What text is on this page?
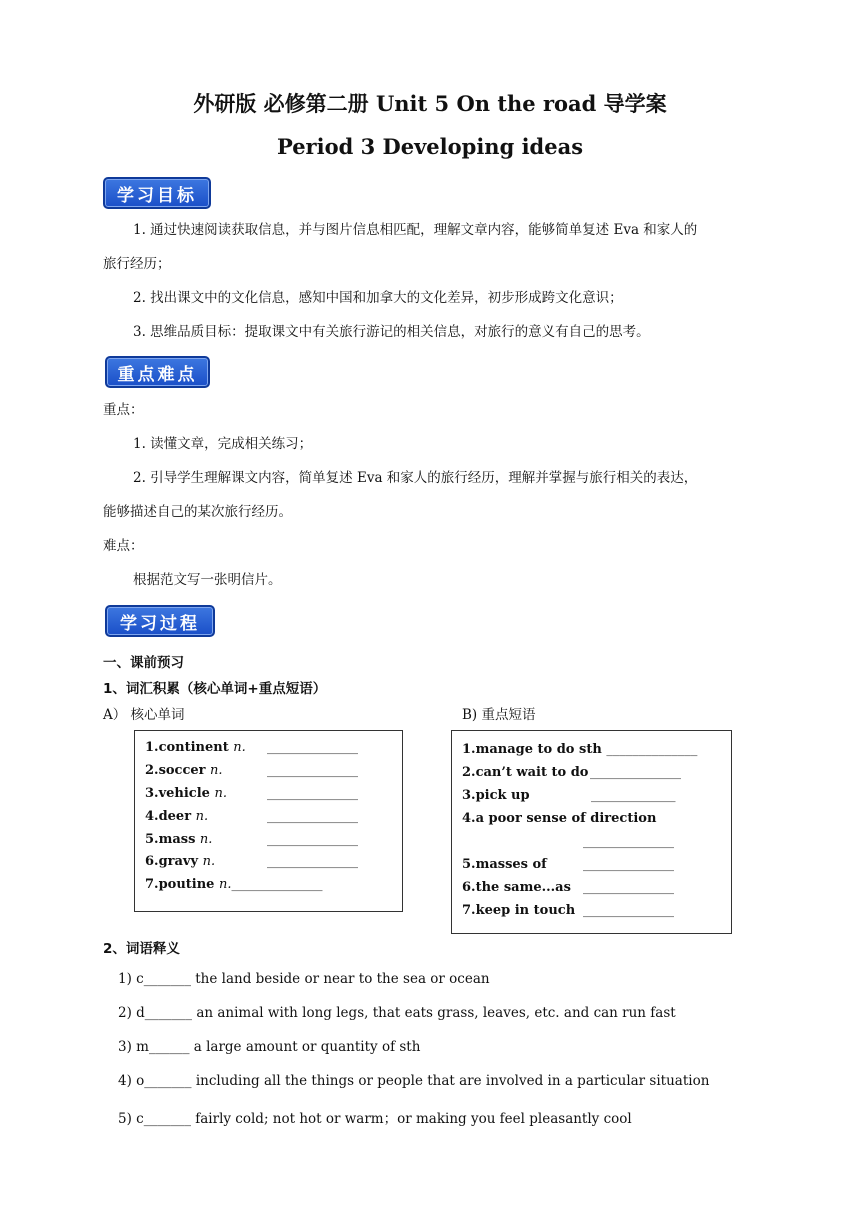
外研版 必修第二册 Unit 5 On the road 导学案
Period 3 Developing ideas
学习目标
1. 通过快速阅读获取信息，并与图片信息相匹配，理解文章内容，能够简单复述 Eva 和家人的
旅行经历；
2. 找出课文中的文化信息，感知中国和加拿大的文化差异，初步形成跨文化意识；
3. 思维品质目标：提取课文中有关旅行游记的相关信息，对旅行的意义有自己的思考。
重点难点
重点：
1. 读懂文章，完成相关练习；
2. 引导学生理解课文内容，简单复述 Eva 和家人的旅行经历，理解并掌握与旅行相关的表达，
能够描述自己的某次旅行经历。
难点：
根据范文写一张明信片。
学习过程
一、课前预习
1、词汇积累（核心单词+重点短语）
A） 核心单词	B) 重点短语
1.continent n. ______________
2.soccer n.	______________
3.vehicle n.	______________
4.deer n.	______________
5.mass n.	______________
6.gravy n.	______________
7.poutine n.______________
1.manage to do sth ______________
2.can’t wait to do ______________
3.pick up	_____________
4.a poor sense of direction
______________
5.masses of	______________
6.the same...as ______________
7.keep in touch ______________
2、词语释义
1) c_______ the land beside or near to the sea or ocean
2) d_______ an animal with long legs, that eats grass, leaves, etc. and can run fast
3) m______ a large amount or quantity of sth
4) o_______ including all the things or people that are involved in a particular situation
5) c_______ fairly cold; not hot or warm；or making you feel pleasantly cool
